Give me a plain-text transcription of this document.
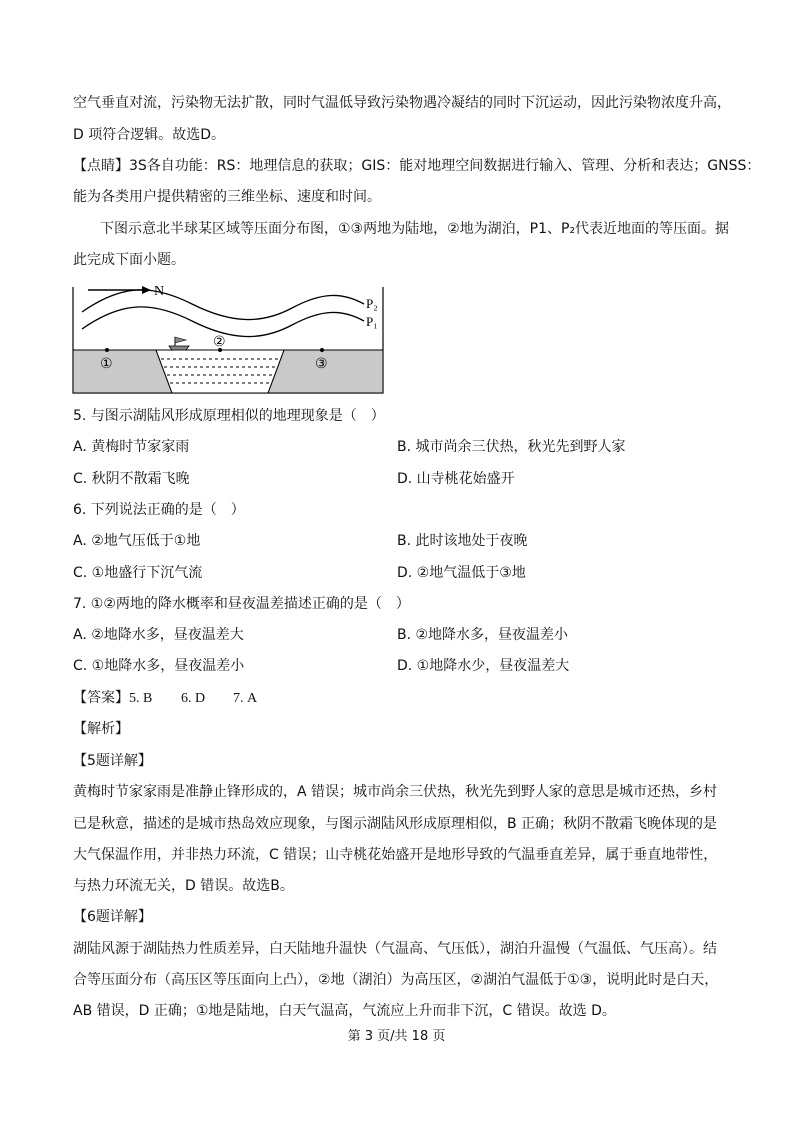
空气垂直对流，污染物无法扩散，同时气温低导致污染物遇冷凝结的同时下沉运动，因此污染物浓度升高，
D 项符合逻辑。故选D。
【点睛】3S各自功能：RS：地理信息的获取；GIS：能对地理空间数据进行输入、管理、分析和表达；GNSS：
能为各类用户提供精密的三维坐标、速度和时间。
下图示意北半球某区域等压面分布图，①③两地为陆地，②地为湖泊，P1、P₂代表近地面的等压面。据
此完成下面小题。
N
P₂
P₁
①
②
③
5. 与图示湖陆风形成原理相似的地理现象是（　）
A. 黄梅时节家家雨	B. 城市尚余三伏热，秋光先到野人家
C. 秋阴不散霜飞晚	D. 山寺桃花始盛开
6. 下列说法正确的是（　）
A. ②地气压低于①地	B. 此时该地处于夜晚
C. ①地盛行下沉气流	D. ②地气温低于③地
7. ①②两地的降水概率和昼夜温差描述正确的是（　）
A. ②地降水多，昼夜温差大	B. ②地降水多，昼夜温差小
C. ①地降水多，昼夜温差小	D. ①地降水少，昼夜温差大
【答案】5. B 6. D 7. A
【解析】
【5题详解】
黄梅时节家家雨是准静止锋形成的，A 错误；城市尚余三伏热，秋光先到野人家的意思是城市还热，乡村
已是秋意，描述的是城市热岛效应现象，与图示湖陆风形成原理相似，B 正确；秋阴不散霜飞晚体现的是
大气保温作用，并非热力环流，C 错误；山寺桃花始盛开是地形导致的气温垂直差异，属于垂直地带性，
与热力环流无关，D 错误。故选B。
【6题详解】
湖陆风源于湖陆热力性质差异，白天陆地升温快（气温高、气压低），湖泊升温慢（气温低、气压高）。结
合等压面分布（高压区等压面向上凸），②地（湖泊）为高压区，②湖泊气温低于①③，说明此时是白天，
AB 错误，D 正确；①地是陆地，白天气温高，气流应上升而非下沉，C 错误。故选 D。
第 3 页/共 18 页
